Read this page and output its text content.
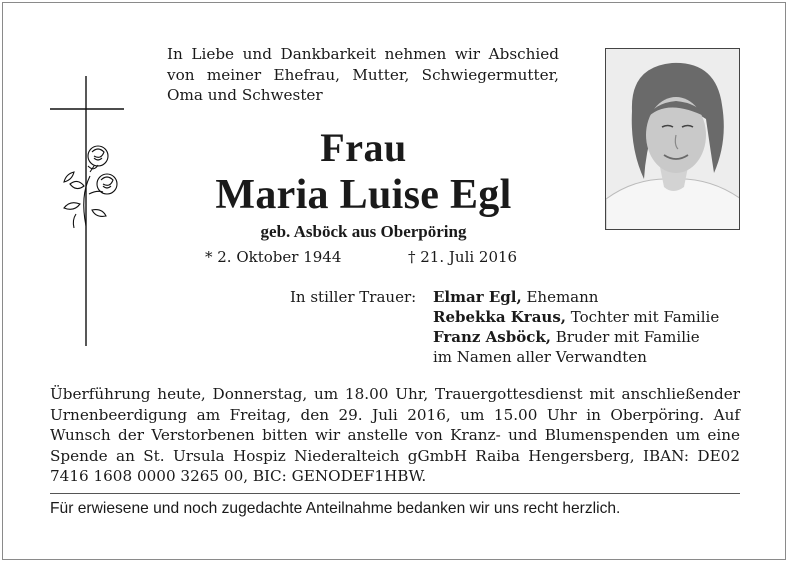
In Liebe und Dankbarkeit nehmen wir Abschied von meiner Ehefrau, Mutter, Schwiegermutter, Oma und Schwester
Frau
Maria Luise Egl
geb. Asböck aus Oberpöring
* 2. Oktober 1944	† 21. Juli 2016
In stiller Trauer: Elmar Egl, Ehemann
Rebekka Kraus, Tochter mit Familie
Franz Asböck, Bruder mit Familie
im Namen aller Verwandten
Überführung heute, Donnerstag, um 18.00 Uhr, Trauergottesdienst mit anschließender Urnenbeerdigung am Freitag, den 29. Juli 2016, um 15.00 Uhr in Oberpöring. Auf Wunsch der Verstorbenen bitten wir anstelle von Kranz- und Blumenspenden um eine Spende an St. Ursula Hospiz Niederalteich gGmbH Raiba Hengersberg, IBAN: DE02 7416 1608 0000 3265 00, BIC: GENODEF1HBW.
Für erwiesene und noch zugedachte Anteilnahme bedanken wir uns recht herzlich.
